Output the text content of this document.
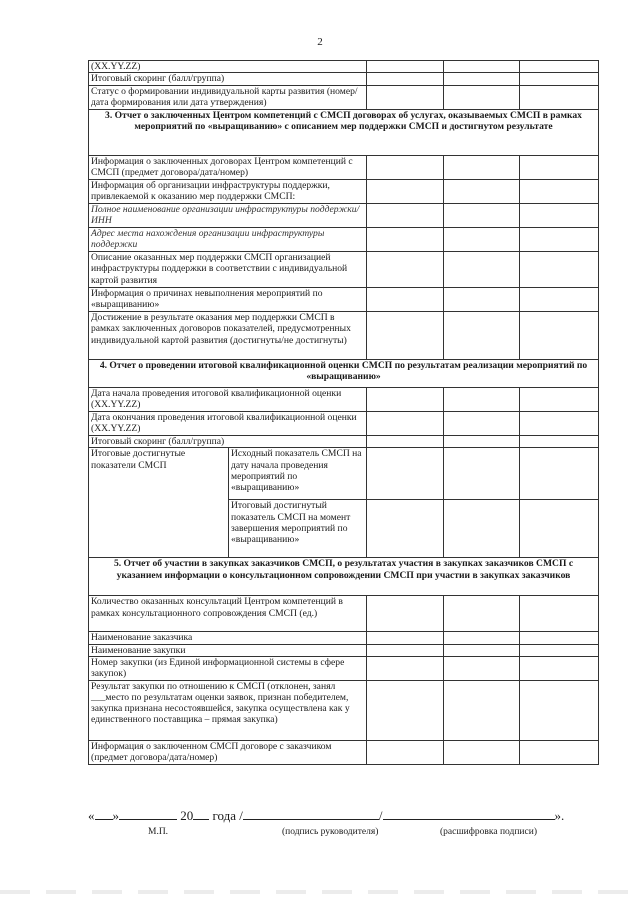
2
(XX.YY.ZZ)				
Итоговый скоринг (балл/группа)				
Статус о формировании индивидуальной карты развития (номер/дата формирования или дата утверждения)				
3. Отчет о заключенных Центром компетенций с СМСП договорах об услугах, оказываемых СМСП в рамках мероприятий по «выращиванию» с описанием мер поддержки СМСП и достигнутом результате				
Информация о заключенных договорах Центром компетенций с СМСП (предмет договора/дата/номер)				
Информация об организации инфраструктуры поддержки, привлекаемой к оказанию мер поддержки СМСП:				
Полное наименование организации инфраструктуры поддержки/ИНН				
Адрес места нахождения организации инфраструктуры поддержки				
Описание оказанных мер поддержки СМСП организацией инфраструктуры поддержки в соответствии с индивидуальной картой развития				
Информация о причинах невыполнения мероприятий по «выращиванию»				
Достижение в результате оказания мер поддержки СМСП в рамках заключенных договоров показателей, предусмотренных индивидуальной картой развития (достигнуты/не достигнуты)				
4. Отчет о проведении итоговой квалификационной оценки СМСП по результатам реализации мероприятий по «выращиванию»				
Дата начала проведения итоговой квалификационной оценки (XX.YY.ZZ)				
Дата окончания проведения итоговой квалификационной оценки (XX.YY.ZZ)				
Итоговый скоринг (балл/группа)				
Итоговые достигнутые показатели СМСП	Исходный показатель СМСП на дату начала проведения мероприятий по «выращиванию»			
	Итоговый достигнутый показатель СМСП на момент завершения мероприятий по «выращиванию»			
5. Отчет об участии в закупках заказчиков СМСП, о результатах участия в закупках заказчиков СМСП с указанием информации о консультационном сопровождении СМСП при участии в закупках заказчиков				
Количество оказанных консультаций Центром компетенций в рамках консультационного сопровождения СМСП (ед.)				
Наименование заказчика				
Наименование закупки				
Номер закупки (из Единой информационной системы в сфере закупок)				
Результат закупки по отношению к СМСП (отклонен, занял ___место по результатам оценки заявок, признан победителем, закупка признана несостоявшейся, закупка осуществлена как у единственного поставщика – прямая закупка)				
Информация о заключенном СМСП договоре с заказчиком (предмет договора/дата/номер)				
« »	20 года /	/	».
М.П.	(подпись руководителя)	(расшифровка подписи)
